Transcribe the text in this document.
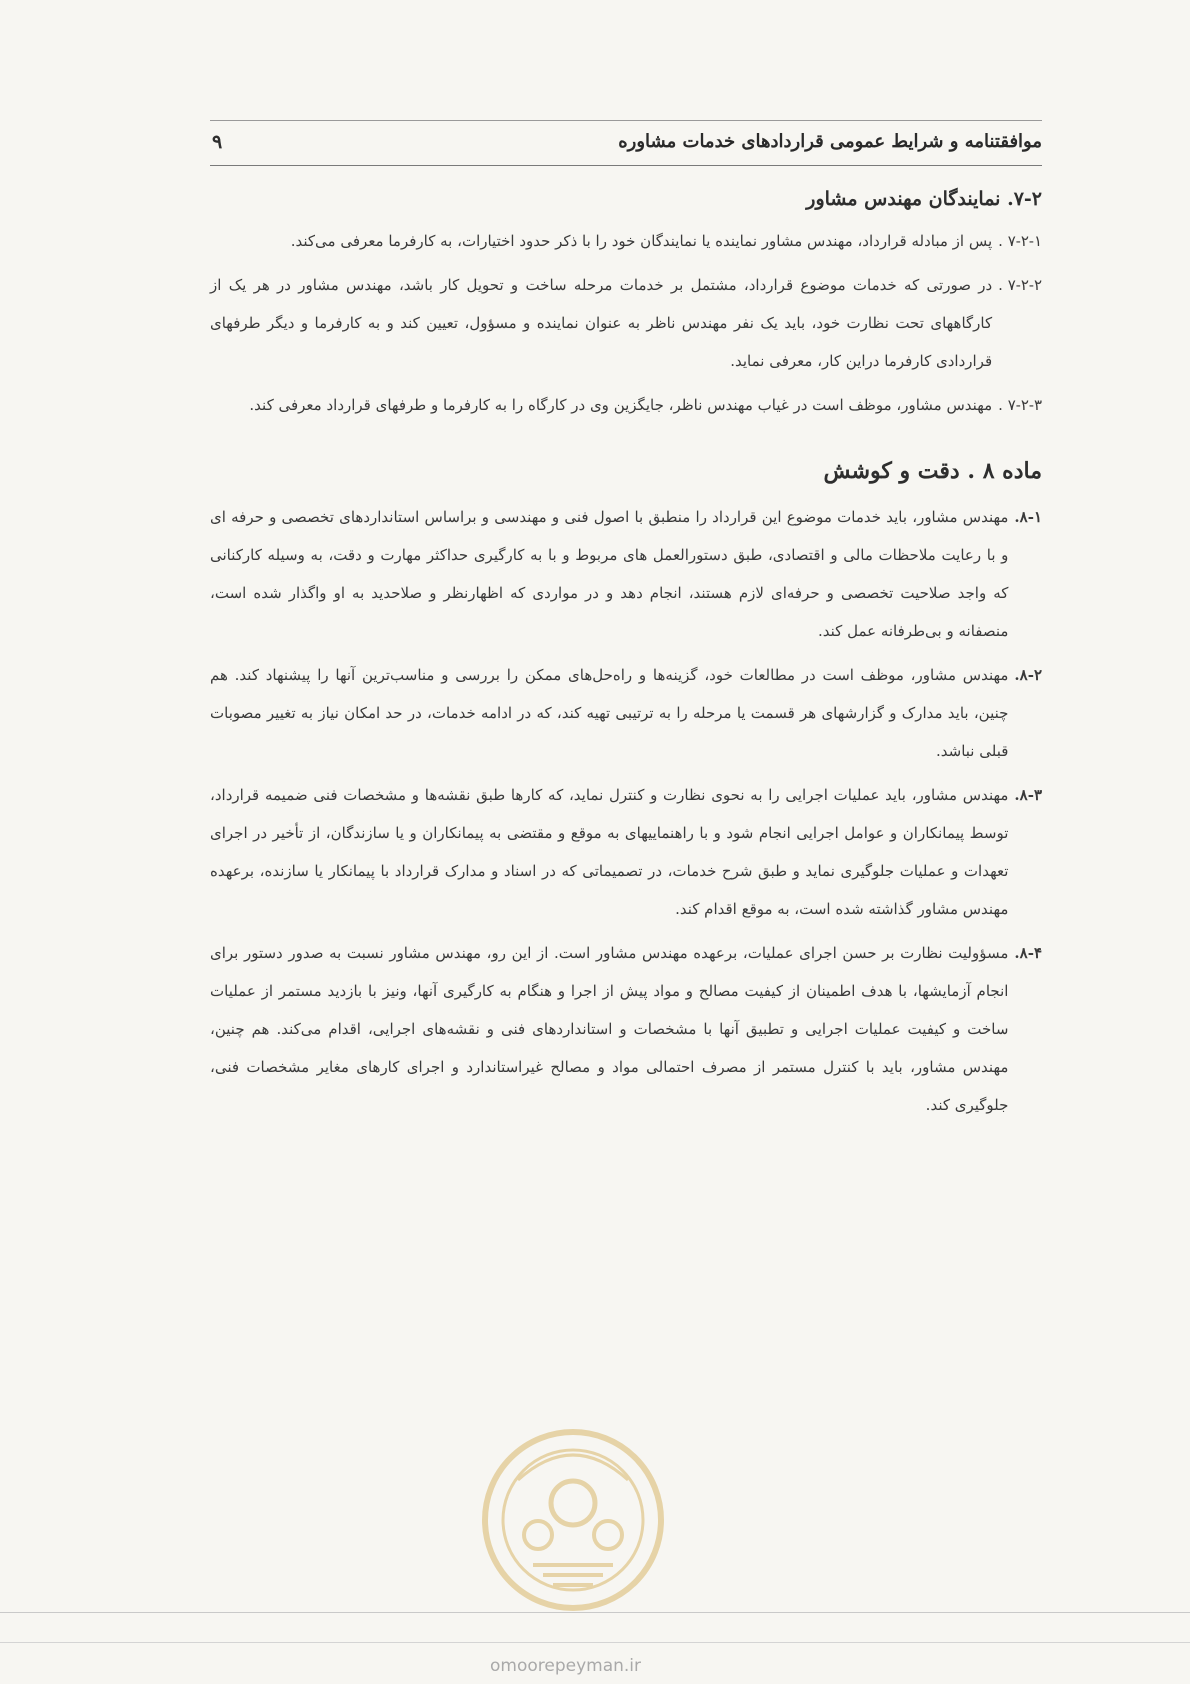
موافقتنامه و شرایط عمومی قراردادهای خدمات مشاوره
۹
۷-۲. نمایندگان مهندس مشاور
۷-۲-۱ .
پس از مبادله قرارداد، مهندس مشاور نماینده یا نمایندگان خود را با ذکر حدود اختیارات، به کارفرما معرفی می‌کند.
۷-۲-۲ .
در صورتی که خدمات موضوع قرارداد، مشتمل بر خدمات مرحله ساخت و تحویل کار باشد، مهندس مشاور در هر یک از کارگاههای تحت نظارت خود، باید یک نفر مهندس ناظر به عنوان نماینده و مسؤول، تعیین کند و به کارفرما و دیگر طرفهای قراردادی کارفرما دراین کار، معرفی نماید.
۷-۲-۳ .
مهندس مشاور، موظف است در غیاب مهندس ناظر، جایگزین وی در کارگاه را به کارفرما و طرفهای قرارداد معرفی کند.
ماده ۸ . دقت و کوشش
۸-۱.
مهندس مشاور، باید خدمات موضوع این قرارداد را منطبق با اصول فنی و مهندسی و براساس استانداردهای تخصصی و حرفه ای و با رعایت ملاحظات مالی و اقتصادی، طبق دستورالعمل های مربوط و با به کارگیری حداکثر مهارت و دقت، به وسیله کارکنانی که واجد صلاحیت تخصصی و حرفه‌ای لازم هستند، انجام دهد و در مواردی که اظهارنظر و صلاحدید به او واگذار شده است، منصفانه و بی‌طرفانه عمل کند.
۸-۲.
مهندس مشاور، موظف است در مطالعات خود، گزینه‌ها و راه‌حل‌های ممکن را بررسی و مناسب‌ترین آنها را پیشنهاد کند. هم چنین، باید مدارک و گزارشهای هر قسمت یا مرحله را به ترتیبی تهیه کند، که در ادامه خدمات، در حد امکان نیاز به تغییر مصوبات قبلی نباشد.
۸-۳.
مهندس مشاور، باید عملیات اجرایی را به نحوی نظارت و کنترل نماید، که کارها طبق نقشه‌ها و مشخصات فنی ضمیمه قرارداد، توسط پیمانکاران و عوامل اجرایی انجام شود و با راهنماییهای به موقع و مقتضی به پیمانکاران و یا سازندگان، از تأخیر در اجرای تعهدات و عملیات جلوگیری نماید و طبق شرح خدمات، در تصمیماتی که در اسناد و مدارک قرارداد با پیمانکار یا سازنده، برعهده مهندس مشاور گذاشته شده است، به موقع اقدام کند.
۸-۴.
مسؤولیت نظارت بر حسن اجرای عملیات، برعهده مهندس مشاور است. از این رو، مهندس مشاور نسبت به صدور دستور برای انجام آزمایشها، با هدف اطمینان از کیفیت مصالح و مواد پیش از اجرا و هنگام به کارگیری آنها، ونیز با بازدید مستمر از عملیات ساخت و کیفیت عملیات اجرایی و تطبیق آنها با مشخصات و استانداردهای فنی و نقشه‌های اجرایی، اقدام می‌کند. هم چنین، مهندس مشاور، باید با کنترل مستمر از مصرف احتمالی مواد و مصالح غیراستاندارد و اجرای کارهای مغایر مشخصات فنی، جلوگیری کند.
omoorepeyman.ir
